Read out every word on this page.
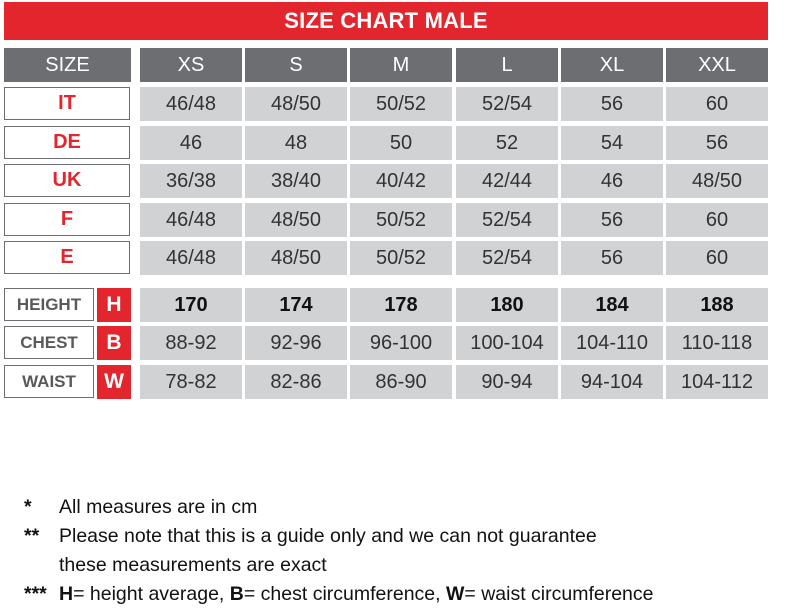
SIZE CHART MALE
SIZE	XS	S	M	L	XL	XXL
IT	46/48	48/50	50/52	52/54	56	60
DE	46	48	50	52	54	56
UK	36/38	38/40	40/42	42/44	46	48/50
F	46/48	48/50	50/52	52/54	56	60
E	46/48	48/50	50/52	52/54	56	60
HEIGHT	H	170	174	178	180	184	188
CHEST	B	88-92	92-96	96-100	100-104	104-110	110-118
WAIST	W	78-82	82-86	86-90	90-94	94-104	104-112
*	All measures are in cm
**	Please note that this is a guide only and we can not guarantee
these measurements are exact
*** H= height average, B= chest circumference, W= waist circumference
